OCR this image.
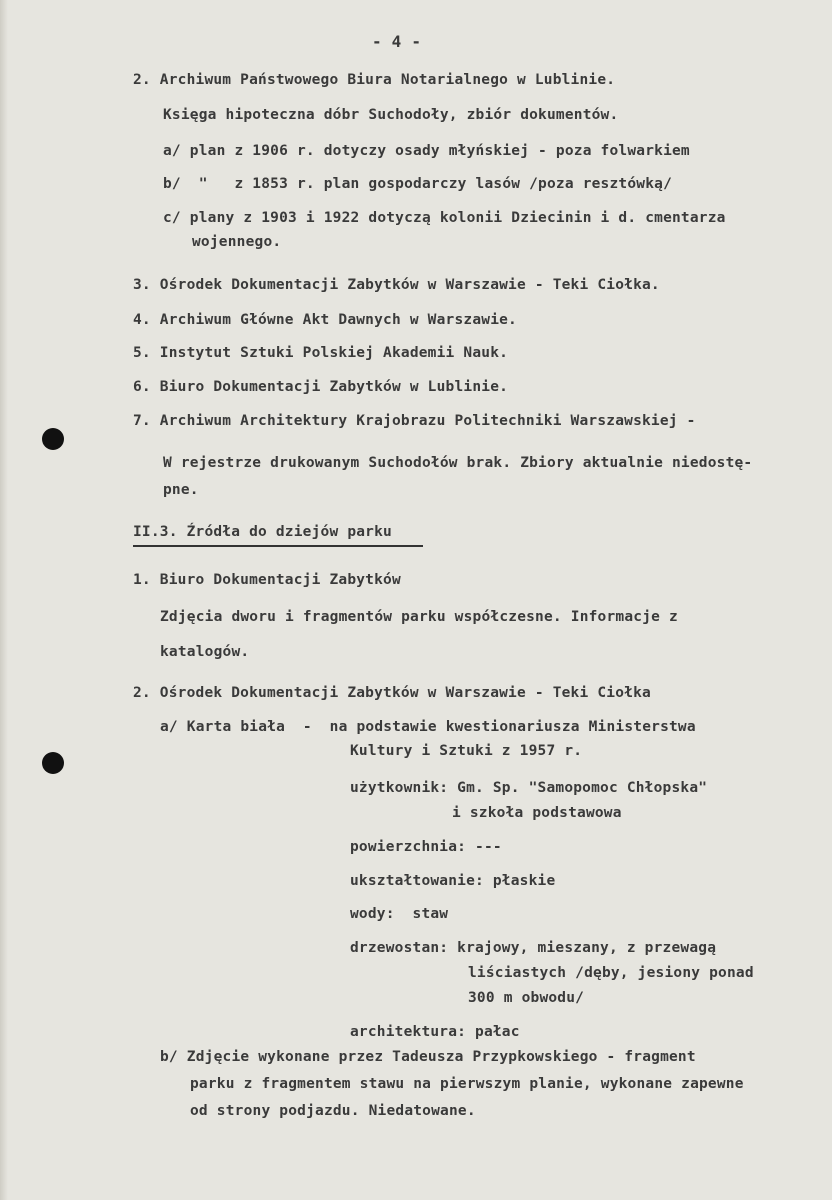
- 4 -
2. Archiwum Państwowego Biura Notarialnego w Lublinie.
Księga hipoteczna dóbr Suchodoły, zbiór dokumentów.
a/ plan z 1906 r. dotyczy osady młyńskiej - poza folwarkiem
b/  "   z 1853 r. plan gospodarczy lasów /poza resztówką/
c/ plany z 1903 i 1922 dotyczą kolonii Dziecinin i d. cmentarza
wojennego.
3. Ośrodek Dokumentacji Zabytków w Warszawie - Teki Ciołka.
4. Archiwum Główne Akt Dawnych w Warszawie.
5. Instytut Sztuki Polskiej Akademii Nauk.
6. Biuro Dokumentacji Zabytków w Lublinie.
7. Archiwum Architektury Krajobrazu Politechniki Warszawskiej -
W rejestrze drukowanym Suchodołów brak. Zbiory aktualnie niedostę-
pne.
II.3. Źródła do dziejów parku
1. Biuro Dokumentacji Zabytków
Zdjęcia dworu i fragmentów parku współczesne. Informacje z
katalogów.
2. Ośrodek Dokumentacji Zabytków w Warszawie - Teki Ciołka
a/ Karta biała  -  na podstawie kwestionariusza Ministerstwa
Kultury i Sztuki z 1957 r.
użytkownik: Gm. Sp. "Samopomoc Chłopska"
i szkoła podstawowa
powierzchnia: ---
ukształtowanie: płaskie
wody:  staw
drzewostan: krajowy, mieszany, z przewagą
liściastych /dęby, jesiony ponad
300 m obwodu/
architektura: pałac
b/ Zdjęcie wykonane przez Tadeusza Przypkowskiego - fragment
parku z fragmentem stawu na pierwszym planie, wykonane zapewne
od strony podjazdu. Niedatowane.
